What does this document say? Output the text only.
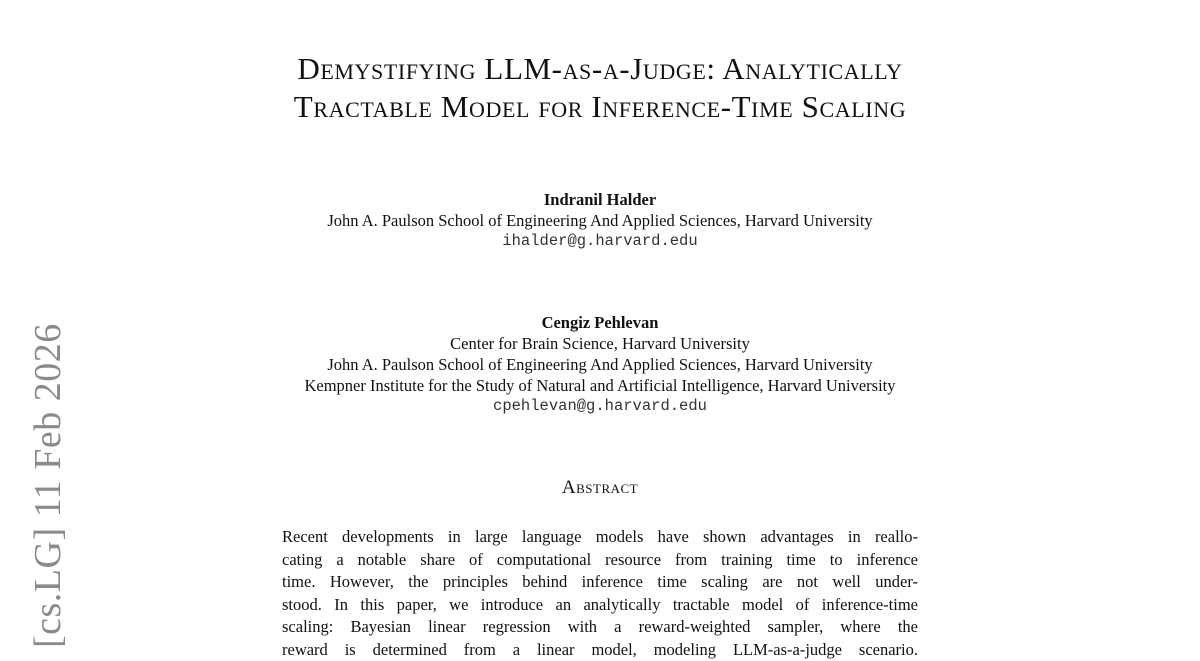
[cs.LG] 11 Feb 2026
Demystifying LLM-as-a-Judge: Analytically
Tractable Model for Inference-Time Scaling
Indranil Halder
John A. Paulson School of Engineering And Applied Sciences, Harvard University
ihalder@g.harvard.edu
Cengiz Pehlevan
Center for Brain Science, Harvard University
John A. Paulson School of Engineering And Applied Sciences, Harvard University
Kempner Institute for the Study of Natural and Artificial Intelligence, Harvard University
cpehlevan@g.harvard.edu
Abstract
Recent developments in large language models have shown advantages in reallo-
cating a notable share of computational resource from training time to inference
time. However, the principles behind inference time scaling are not well under-
stood. In this paper, we introduce an analytically tractable model of inference-time
scaling: Bayesian linear regression with a reward-weighted sampler, where the
reward is determined from a linear model, modeling LLM-as-a-judge scenario.
